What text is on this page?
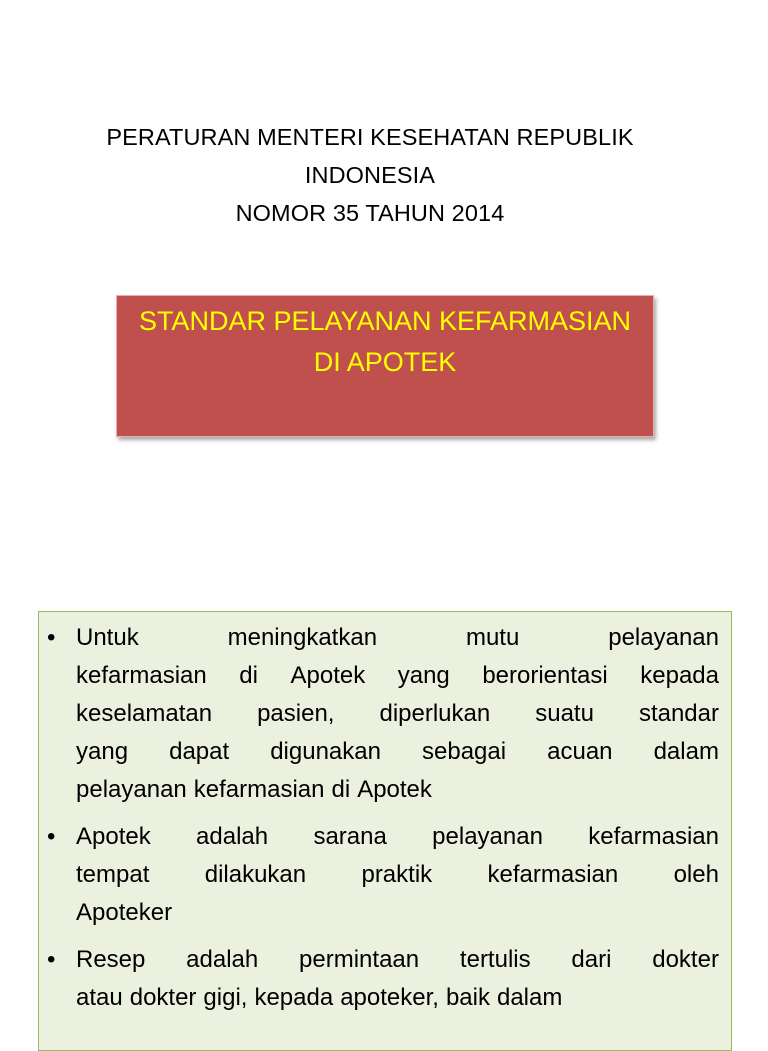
PERATURAN MENTERI KESEHATAN REPUBLIK
INDONESIA
NOMOR 35 TAHUN 2014
STANDAR PELAYANAN KEFARMASIAN
DI APOTEK
• Untuk	meningkatkan	mutu	pelayanan
kefarmasian di Apotek yang berorientasi kepada
keselamatan pasien, diperlukan suatu standar
yang dapat digunakan sebagai acuan dalam
pelayanan kefarmasian di Apotek
• Apotek adalah sarana pelayanan kefarmasian
tempat dilakukan praktik kefarmasian oleh
Apoteker
• Resep adalah permintaan tertulis dari dokter
atau dokter gigi, kepada apoteker, baik dalam
